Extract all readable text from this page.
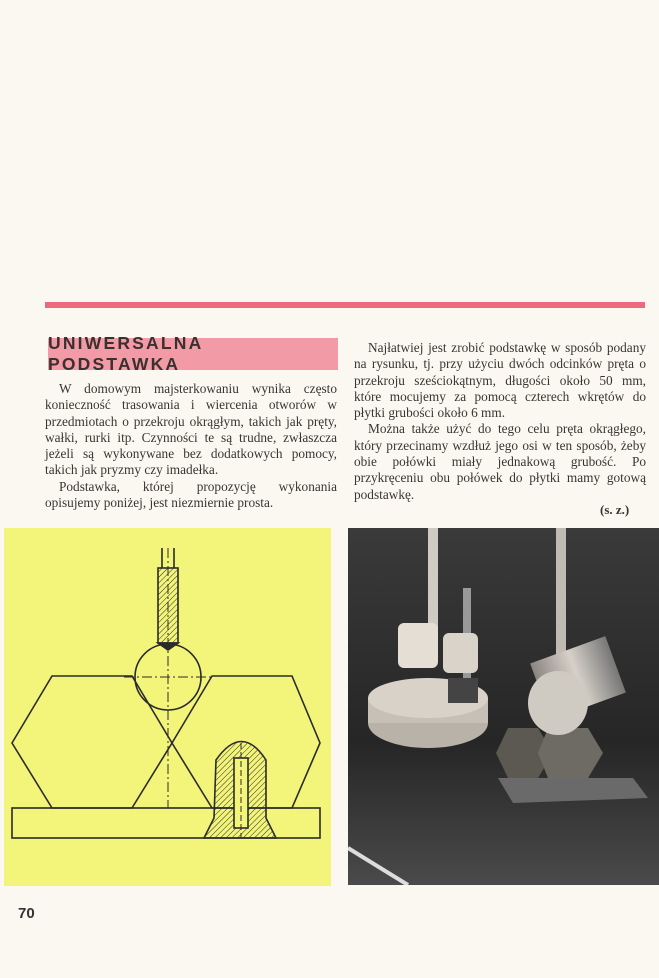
UNIWERSALNA PODSTAWKA

W domowym majsterkowaniu wynika często konieczność trasowania i wiercenia otworów w przedmiotach o przekroju okrągłym, takich jak pręty, wałki, rurki itp. Czynności te są trudne, zwłaszcza jeżeli są wykonywane bez dodatkowych pomocy, takich jak pryzmy czy imadełka.

Podstawka, której propozycję wykonania opisujemy poniżej, jest niezmiernie prosta.

Najłatwiej jest zrobić podstawkę w sposób podany na rysunku, tj. przy użyciu dwóch odcinków pręta o przekroju sześciokątnym, długości około 50 mm, które mocujemy za pomocą czterech wkrętów do płytki grubości około 6 mm.

Można także użyć do tego celu pręta okrągłego, który przecinamy wzdłuż jego osi w ten sposób, żeby obie połówki miały jednakową grubość. Po przykręceniu obu połówek do płytki mamy gotową podstawkę.

(s. z.)
70
